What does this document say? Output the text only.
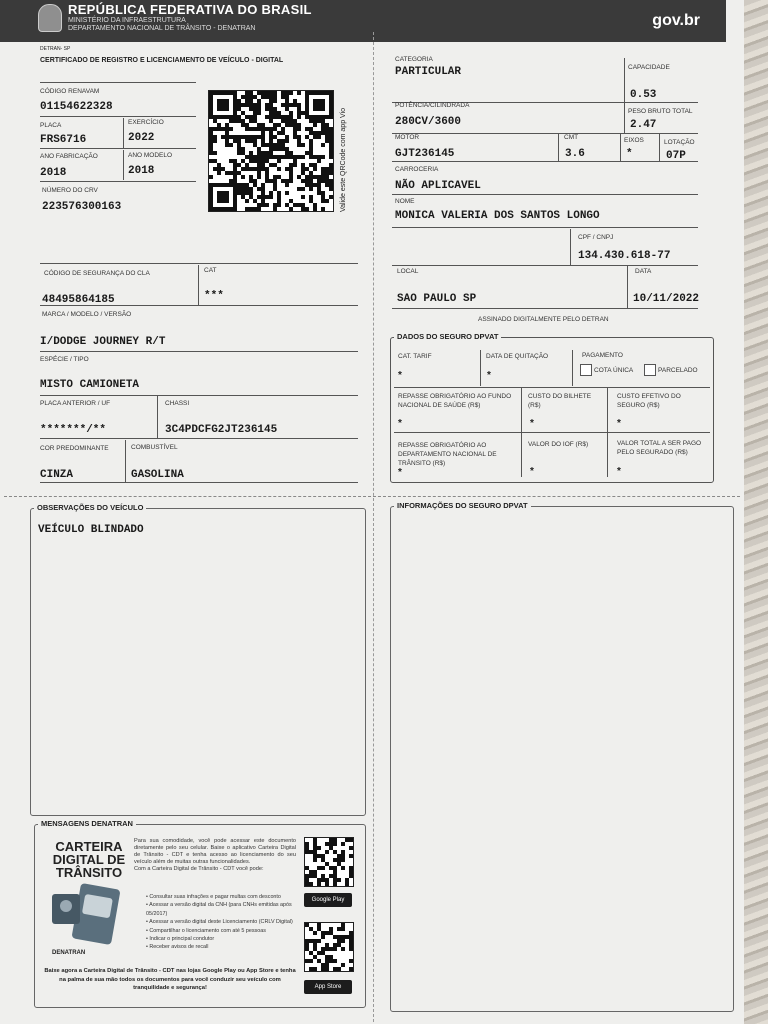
REPÚBLICA FEDERATIVA DO BRASIL
MINISTÉRIO DA INFRAESTRUTURA
DEPARTAMENTO NACIONAL DE TRÂNSITO - DENATRAN	gov.br
DETRAN- SP
CERTIFICADO DE REGISTRO E LICENCIAMENTO DE VEÍCULO - DIGITAL
CÓDIGO RENAVAM
01154622328
PLACA
FRS6716
EXERCÍCIO
2022
ANO FABRICAÇÃO
2018
ANO MODELO
2018
NÚMERO DO CRV
223576300163	Valide este QRCode com app Vio
CÓDIGO DE SEGURANÇA DO CLA
48495864185
CAT
***
MARCA / MODELO / VERSÃO
I/DODGE JOURNEY R/T
ESPÉCIE / TIPO
MISTO CAMIONETA
PLACA ANTERIOR / UF
*******/**
CHASSI
3C4PDCFG2JT236145
COR PREDOMINANTE
CINZA
COMBUSTÍVEL
GASOLINA
CATEGORIA
PARTICULAR	CAPACIDADE
0.53
POTÊNCIA/CILINDRADA
280CV/3600
PESO BRUTO TOTAL
2.47
MOTOR
GJT236145
CMT
3.6
EIXOS
*
LOTAÇÃO
07P
CARROCERIA
NÃO APLICAVEL
NOME
MONICA VALERIA DOS SANTOS LONGO
CPF / CNPJ
134.430.618-77
LOCAL
SAO PAULO SP
DATA
10/11/2022
ASSINADO DIGITALMENTE PELO DETRAN
DADOS DO SEGURO DPVAT
CAT. TARIF
*
DATA DE QUITAÇÃO
*
PAGAMENTO
COTA ÚNICA	PARCELADO
REPASSE OBRIGATÓRIO AO FUNDO NACIONAL DE SAÚDE (R$)
*
CUSTO DO BILHETE (R$)
*
CUSTO EFETIVO DO SEGURO (R$)
*
REPASSE OBRIGATÓRIO AO DEPARTAMENTO NACIONAL DE TRÂNSITO (R$)
*
VALOR DO IOF (R$)
*
VALOR TOTAL A SER PAGO PELO SEGURADO (R$)
*
OBSERVAÇÕES DO VEÍCULO
VEÍCULO BLINDADO
INFORMAÇÕES DO SEGURO DPVAT
MENSAGENS DENATRAN
CARTEIRA
DIGITAL DE
TRÂNSITO
DENATRAN
Para sua comodidade, você pode acessar este documento diretamente pelo seu celular. Baixe o aplicativo Carteira Digital de Trânsito - CDT e tenha acesso ao licenciamento do seu veículo além de muitas outras funcionalidades.
Com a Carteira Digital de Trânsito - CDT você pode:
• Consultar suas infrações e pagar multas com desconto
• Acessar a versão digital da CNH (para CNHs emitidas após 05/2017)
• Acessar a versão digital deste Licenciamento (CRLV Digital)
• Compartilhar o licenciamento com até 5 pessoas
• Indicar o principal condutor
• Receber avisos de recall
Google Play
App Store
Baixe agora a Carteira Digital de Trânsito - CDT nas lojas Google Play ou App Store e tenha na palma de sua mão todos os documentos para você conduzir seu veículo com tranquilidade e segurança!
